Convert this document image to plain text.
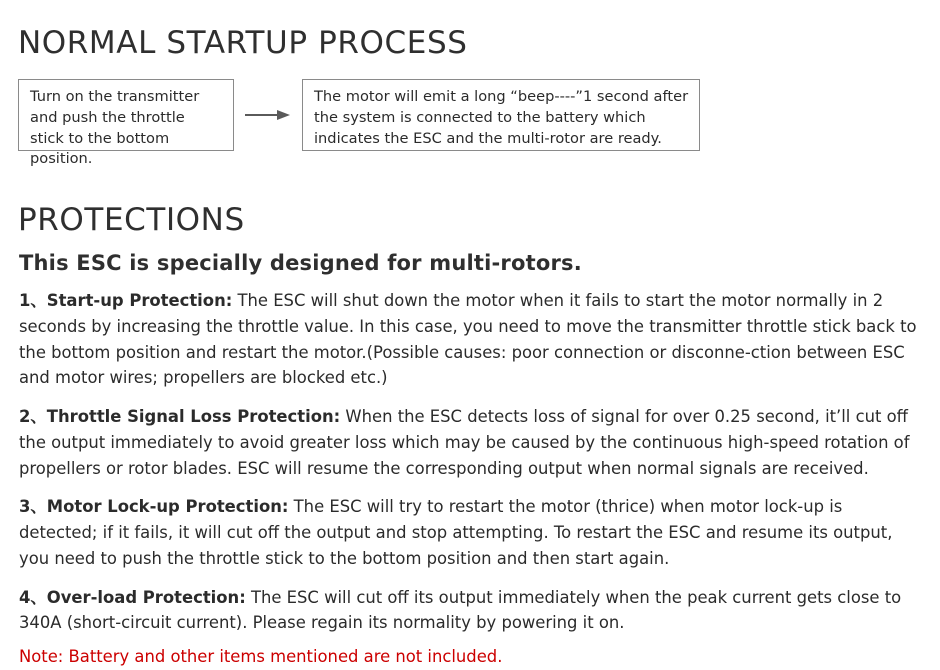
NORMAL STARTUP PROCESS
Turn on the transmitter and push the throttle stick to the bottom position.
The motor will emit a long “beep----”1 second after the system is connected to the battery which indicates the ESC and the multi-rotor are ready.
PROTECTIONS
This ESC is specially designed for multi-rotors.

1、Start-up Protection: The ESC will shut down the motor when it fails to start the motor normally in 2 seconds by increasing the throttle value. In this case, you need to move the transmitter throttle stick back to the bottom position and restart the motor.(Possible causes: poor connection or disconne-ction between ESC and motor wires; propellers are blocked etc.)

2、Throttle Signal Loss Protection: When the ESC detects loss of signal for over 0.25 second, it’ll cut off the output immediately to avoid greater loss which may be caused by the continuous high-speed rotation of propellers or rotor blades. ESC will resume the corresponding output when normal signals are received.

3、Motor Lock-up Protection: The ESC will try to restart the motor (thrice) when motor lock-up is detected; if it fails, it will cut off the output and stop attempting. To restart the ESC and resume its output, you need to push the throttle stick to the bottom position and then start again.

4、Over-load Protection: The ESC will cut off its output immediately when the peak current gets close to 340A (short-circuit current). Please regain its normality by powering it on.

Note: Battery and other items mentioned are not included.
